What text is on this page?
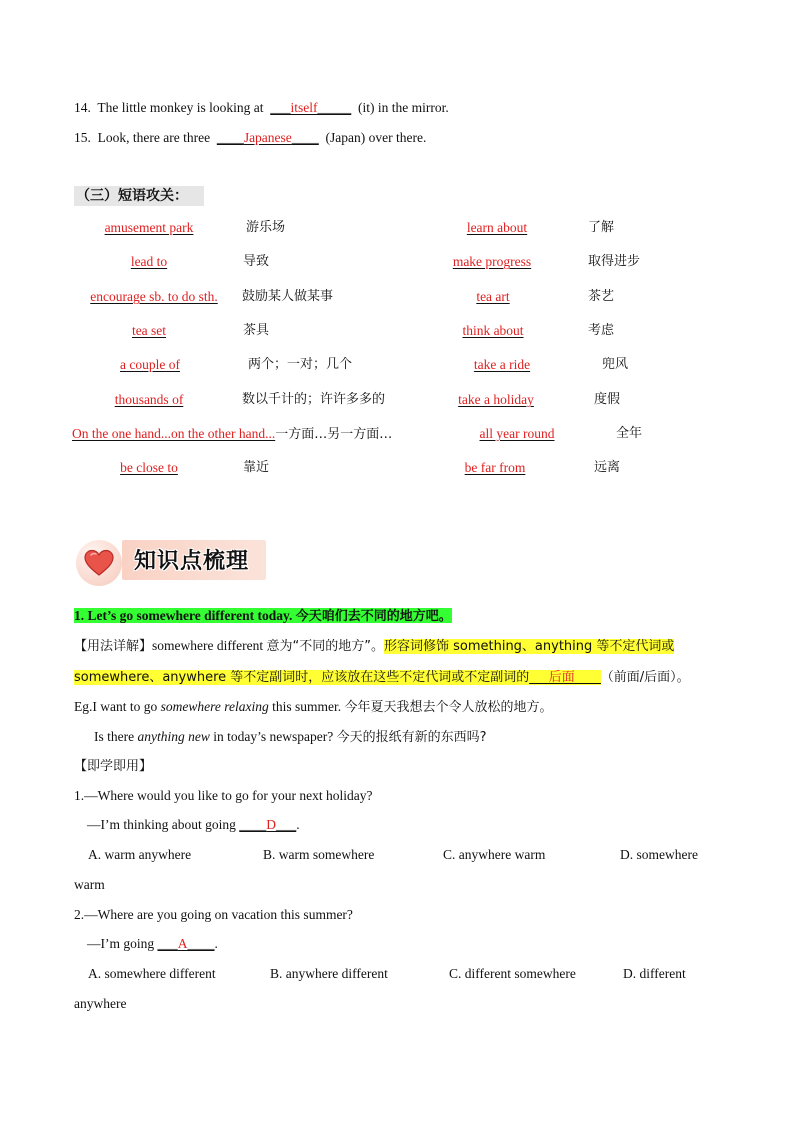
14. The little monkey is looking at ___itself_____ (it) in the mirror.
15. Look, there are three ____Japanese____ (Japan) over there.
（三）短语攻关：
amusement park	游乐场	learn about	了解
lead to	导致	make progress	取得进步
encourage sb. to do sth.	鼓励某人做某事	tea art	茶艺
tea set	茶具	think about	考虑
a couple of	两个；一对；几个	take a ride	兜风
thousands of	数以千计的；许许多多的	take a holiday	度假
On the one hand...on the other hand...一方面…另一方面…	all year round	全年
be close to	靠近	be far from	远离
知识点梳理
1. Let’s go somewhere different today. 今天咱们去不同的地方吧。
【用法详解】somewhere different 意为“不同的地方”。形容词修饰 something、anything 等不定代词或
somewhere、anywhere 等不定副词时，应该放在这些不定代词或不定副词的___后面____（前面/后面）。
Eg.I want to go somewhere relaxing this summer. 今年夏天我想去个令人放松的地方。
Is there anything new in today’s newspaper? 今天的报纸有新的东西吗?
【即学即用】
1.—Where would you like to go for your next holiday?
—I’m thinking about going ____D___.
A. warm anywhere	B. warm somewhere	C. anywhere warm	D. somewhere
warm
2.—Where are you going on vacation this summer?
—I’m going ___A____.
A. somewhere different	B. anywhere different	C. different somewhere	D. different
anywhere
